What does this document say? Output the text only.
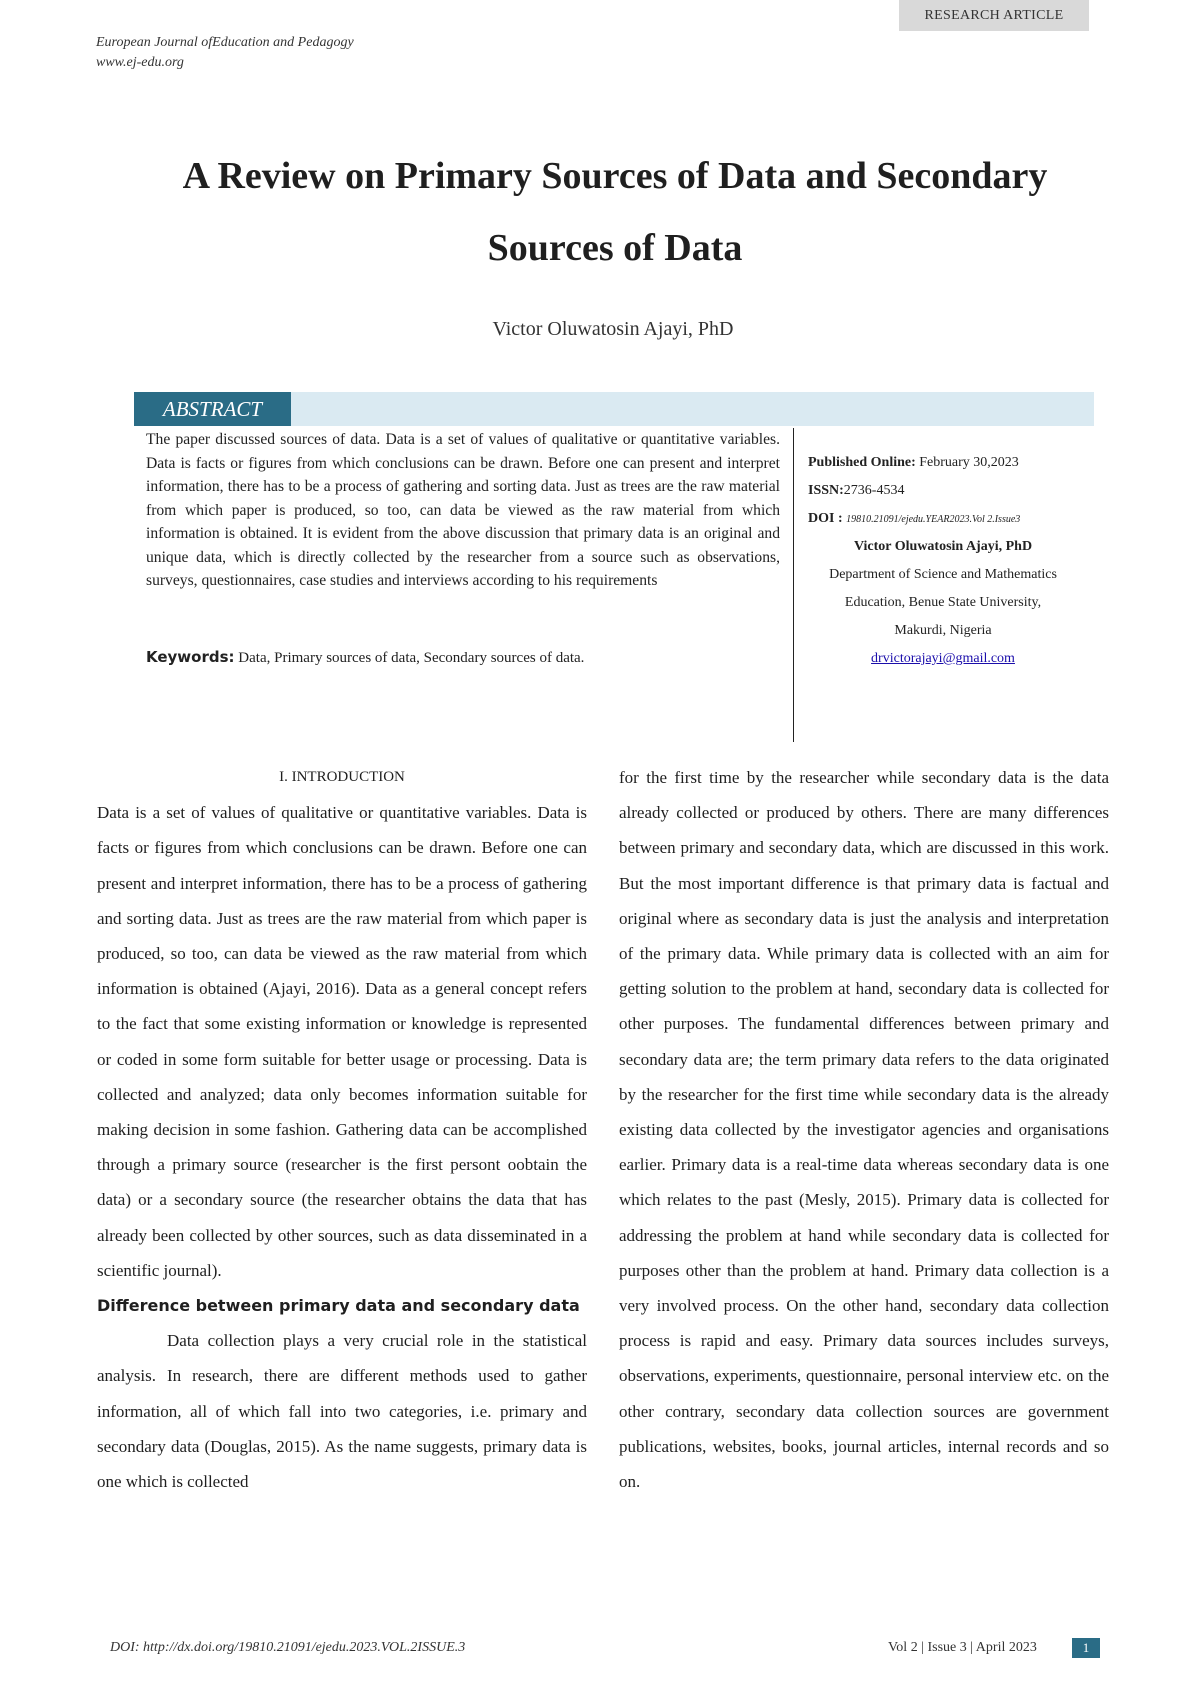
RESEARCH ARTICLE
European Journal ofEducation and Pedagogy
www.ej-edu.org
A Review on Primary Sources of Data and Secondary
Sources of Data
Victor Oluwatosin Ajayi, PhD
ABSTRACT
The paper discussed sources of data. Data is a set of values of qualitative or quantitative variables. Data is facts or figures from which conclusions can be drawn. Before one can present and interpret information, there has to be a process of gathering and sorting data. Just as trees are the raw material from which paper is produced, so too, can data be viewed as the raw material from which information is obtained. It is evident from the above discussion that primary data is an original and unique data, which is directly collected by the researcher from a source such as observations, surveys, questionnaires, case studies and interviews according to his requirements
Keywords: Data, Primary sources of data, Secondary sources of data.
Published Online: February 30,2023
ISSN:2736-4534
DOI : 19810.21091/ejedu.YEAR2023.Vol 2.Issue3
Victor Oluwatosin Ajayi, PhD
Department of Science and Mathematics
Education, Benue State University,
Makurdi, Nigeria
drvictorajayi@gmail.com

I. INTRODUCTION

Data is a set of values of qualitative or quantitative variables. Data is facts or figures from which conclusions can be drawn. Before one can present and interpret information, there has to be a process of gathering and sorting data. Just as trees are the raw material from which paper is produced, so too, can data be viewed as the raw material from which information is obtained (Ajayi, 2016). Data as a general concept refers to the fact that some existing information or knowledge is represented or coded in some form suitable for better usage or processing. Data is collected and analyzed; data only becomes information suitable for making decision in some fashion. Gathering data can be accomplished through a primary source (researcher is the first persont oobtain the data) or a secondary source (the researcher obtains the data that has already been collected by other sources, such as data disseminated in a scientific journal).

Difference between primary data and secondary data

Data collection plays a very crucial role in the statistical analysis. In research, there are different methods used to gather information, all of which fall into two categories, i.e. primary and secondary data (Douglas, 2015). As the name suggests, primary data is one which is collected

for the first time by the researcher while secondary data is the data already collected or produced by others. There are many differences between primary and secondary data, which are discussed in this work. But the most important difference is that primary data is factual and original where as secondary data is just the analysis and interpretation of the primary data. While primary data is collected with an aim for getting solution to the problem at hand, secondary data is collected for other purposes. The fundamental differences between primary and secondary data are; the term primary data refers to the data originated by the researcher for the first time while secondary data is the already existing data collected by the investigator agencies and organisations earlier. Primary data is a real-time data whereas secondary data is one which relates to the past (Mesly, 2015). Primary data is collected for addressing the problem at hand while secondary data is collected for purposes other than the problem at hand. Primary data collection is a very involved process. On the other hand, secondary data collection process is rapid and easy. Primary data sources includes surveys, observations, experiments, questionnaire, personal interview etc. on the other contrary, secondary data collection sources are government publications, websites, books, journal articles, internal records and so on.

DOI: http://dx.doi.org/19810.21091/ejedu.2023.VOL.2ISSUE.3	Vol 2 | Issue 3 | April 2023	1
